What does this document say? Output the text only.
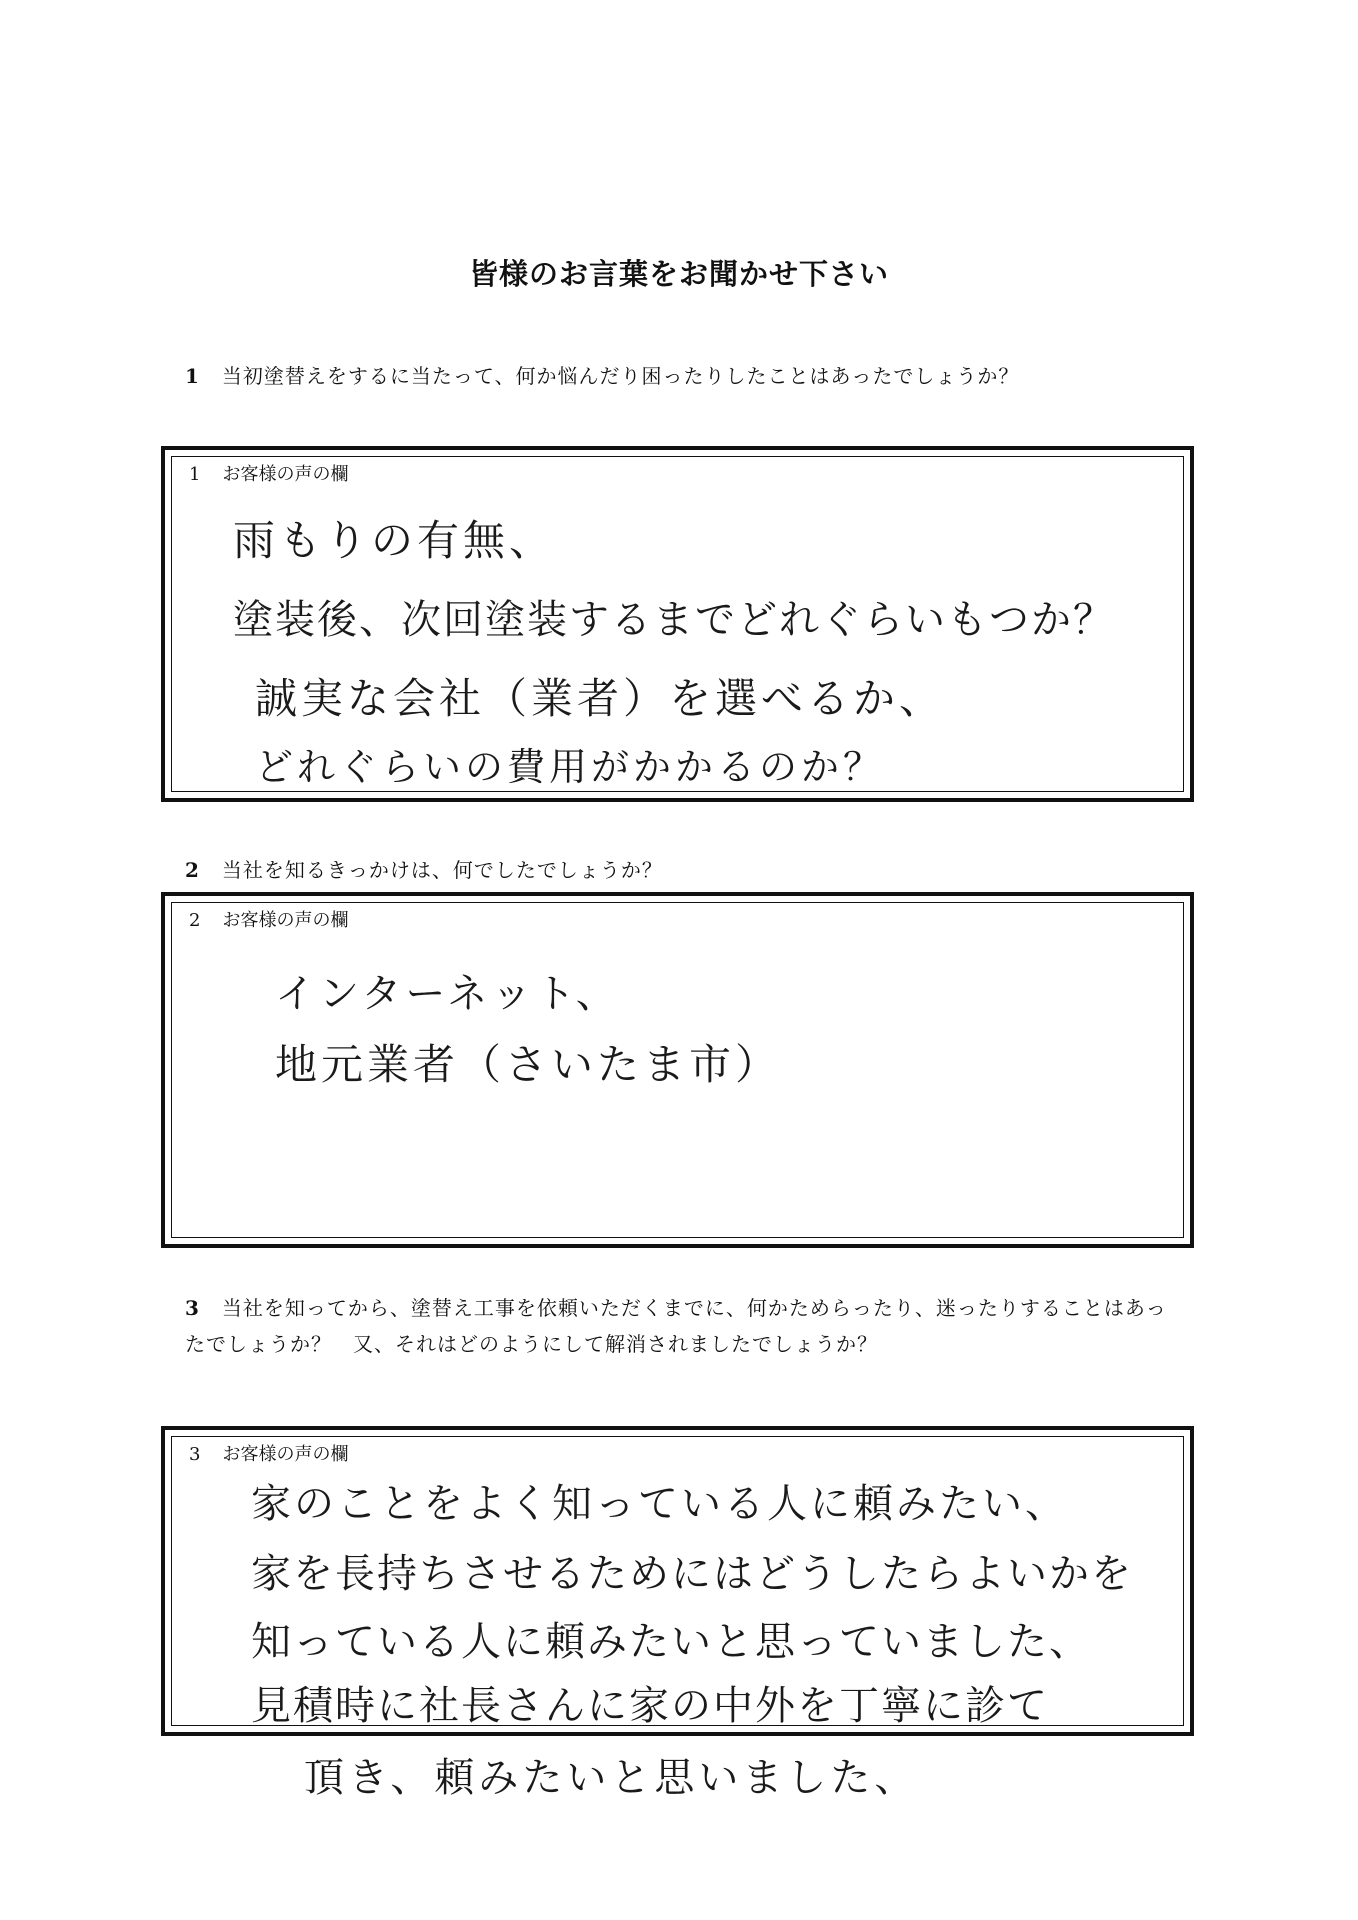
皆様のお言葉をお聞かせ下さい
1 当初塗替えをするに当たって、何か悩んだり困ったりしたことはあったでしょうか？
1 お客様の声の欄
雨もりの有無、
塗装後、次回塗装するまでどれぐらいもつか？
誠実な会社（業者）を選べるか、
どれぐらいの費用がかかるのか？
2 当社を知るきっかけは、何でしたでしょうか？
2 お客様の声の欄
インターネット、
地元業者（さいたま市）
3 当社を知ってから、塗替え工事を依頼いただくまでに、何かためらったり、迷ったりすることはあったでしょうか？　又、それはどのようにして解消されましたでしょうか？
3 お客様の声の欄
家のことをよく知っている人に頼みたい、
家を長持ちさせるためにはどうしたらよいかを
知っている人に頼みたいと思っていました、
見積時に社長さんに家の中外を丁寧に診て
頂き、頼みたいと思いました、
